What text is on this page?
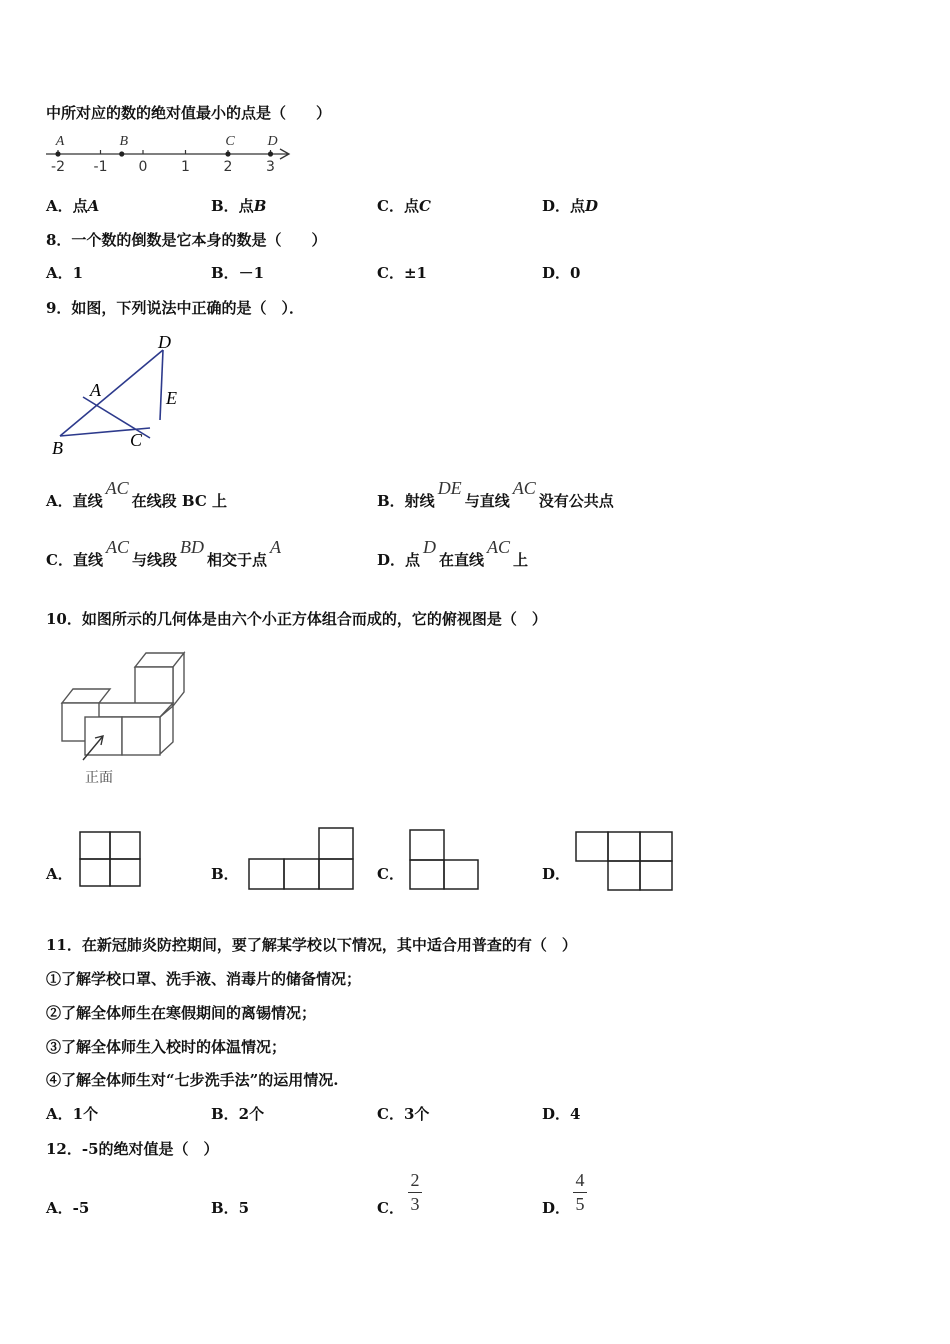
中所对应的数的绝对值最小的点是（　　）
-2 -1 0 1 2 3
A	B	C D
A．点A	B．点B	C．点C	D．点D
8．一个数的倒数是它本身的数是（　　）
A．1	B．－1	C．±1	D．0
9．如图，下列说法中正确的是（　）．
D
A	E
B	C
A．直线AC在线段 BC 上	B．射线DE与直线AC没有公共点
C．直线AC与线段BD相交于点A
D．点D在直线AC上
10．如图所示的几何体是由六个小正方体组合而成的，它的俯视图是（　）
正面
A．	B．	C．	D．
11．在新冠肺炎防控期间，要了解某学校以下情况，其中适合用普查的有（　）
①了解学校口罩、洗手液、消毒片的储备情况；
②了解全体师生在寒假期间的离锡情况；
③了解全体师生入校时的体温情况；
④了解全体师生对“七步洗手法”的运用情况.
A．1个	B．2个	C．3个	D．4
12．-5的绝对值是（　）
A．-5	B．5	C．
2
3	D．
4
5
